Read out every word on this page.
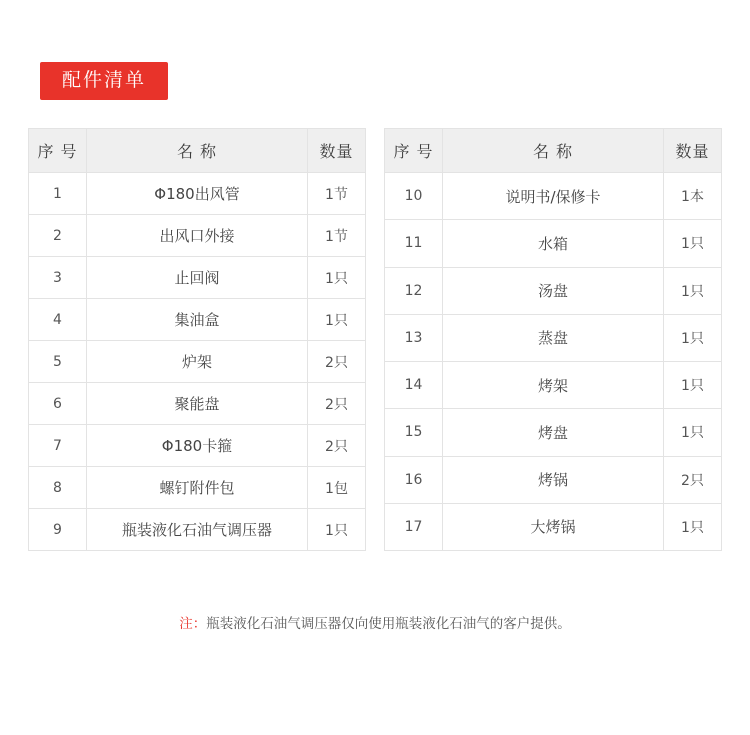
配件清单
序 号	名 称	数量
1	Φ180出风管	1节
2	出风口外接	1节
3	止回阀	1只
4	集油盒	1只
5	炉架	2只
6	聚能盘	2只
7	Φ180卡箍	2只
8	螺钉附件包	1包
9	瓶装液化石油气调压器	1只
序 号	名 称	数量
10	说明书/保修卡	1本
11	水箱	1只
12	汤盘	1只
13	蒸盘	1只
14	烤架	1只
15	烤盘	1只
16	烤锅	2只
17	大烤锅	1只
注：瓶装液化石油气调压器仅向使用瓶装液化石油气的客户提供。
